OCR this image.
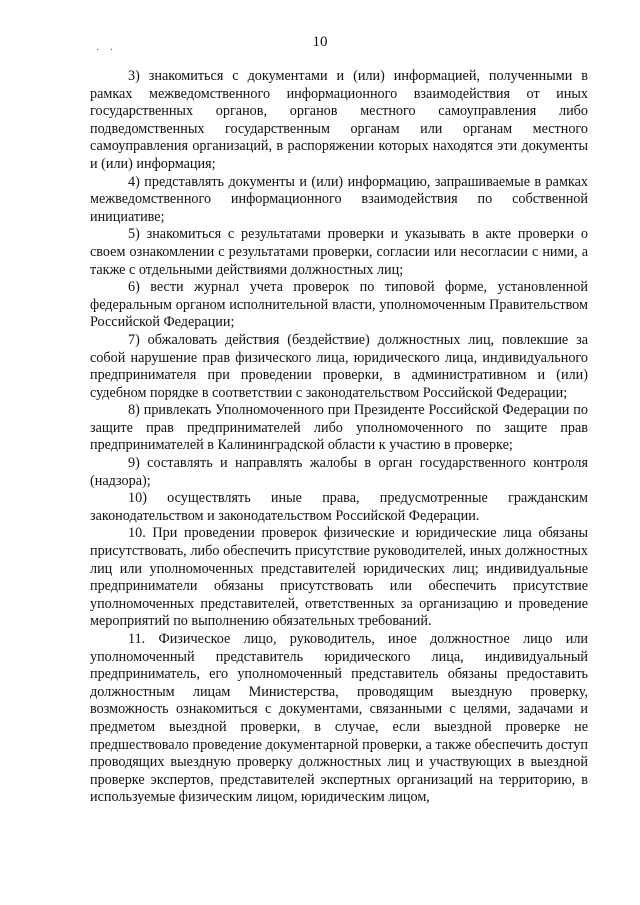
· ·
10

3) знакомиться с документами и (или) информацией, полученными в рамках межведомственного информационного взаимодействия от иных государственных органов, органов местного самоуправления либо подведомственных государственным органам или органам местного самоуправления организаций, в распоряжении которых находятся эти документы и (или) информация;

4) представлять документы и (или) информацию, запрашиваемые в рамках межведомственного информационного взаимодействия по собственной инициативе;

5) знакомиться с результатами проверки и указывать в акте проверки о своем ознакомлении с результатами проверки, согласии или несогласии с ними, а также с отдельными действиями должностных лиц;

6) вести журнал учета проверок по типовой форме, установленной федеральным органом исполнительной власти, уполномоченным Правительством Российской Федерации;

7) обжаловать действия (бездействие) должностных лиц, повлекшие за собой нарушение прав физического лица, юридического лица, индивидуального предпринимателя при проведении проверки, в административном и (или) судебном порядке в соответствии с законодательством Российской Федерации;

8) привлекать Уполномоченного при Президенте Российской Федерации по защите прав предпринимателей либо уполномоченного по защите прав предпринимателей в Калининградской области к участию в проверке;

9) составлять и направлять жалобы в орган государственного контроля (надзора);

10) осуществлять иные права, предусмотренные гражданским законодательством и законодательством Российской Федерации.

10. При проведении проверок физические и юридические лица обязаны присутствовать, либо обеспечить присутствие руководителей, иных должностных лиц или уполномоченных представителей юридических лиц; индивидуальные предприниматели обязаны присутствовать или обеспечить присутствие уполномоченных представителей, ответственных за организацию и проведение мероприятий по выполнению обязательных требований.

11. Физическое лицо, руководитель, иное должностное лицо или уполномоченный представитель юридического лица, индивидуальный предприниматель, его уполномоченный представитель обязаны предоставить должностным лицам Министерства, проводящим выездную проверку, возможность ознакомиться с документами, связанными с целями, задачами и предметом выездной проверки, в случае, если выездной проверке не предшествовало проведение документарной проверки, а также обеспечить доступ проводящих выездную проверку должностных лиц и участвующих в выездной проверке экспертов, представителей экспертных организаций на территорию, в используемые физическим лицом, юридическим лицом,
